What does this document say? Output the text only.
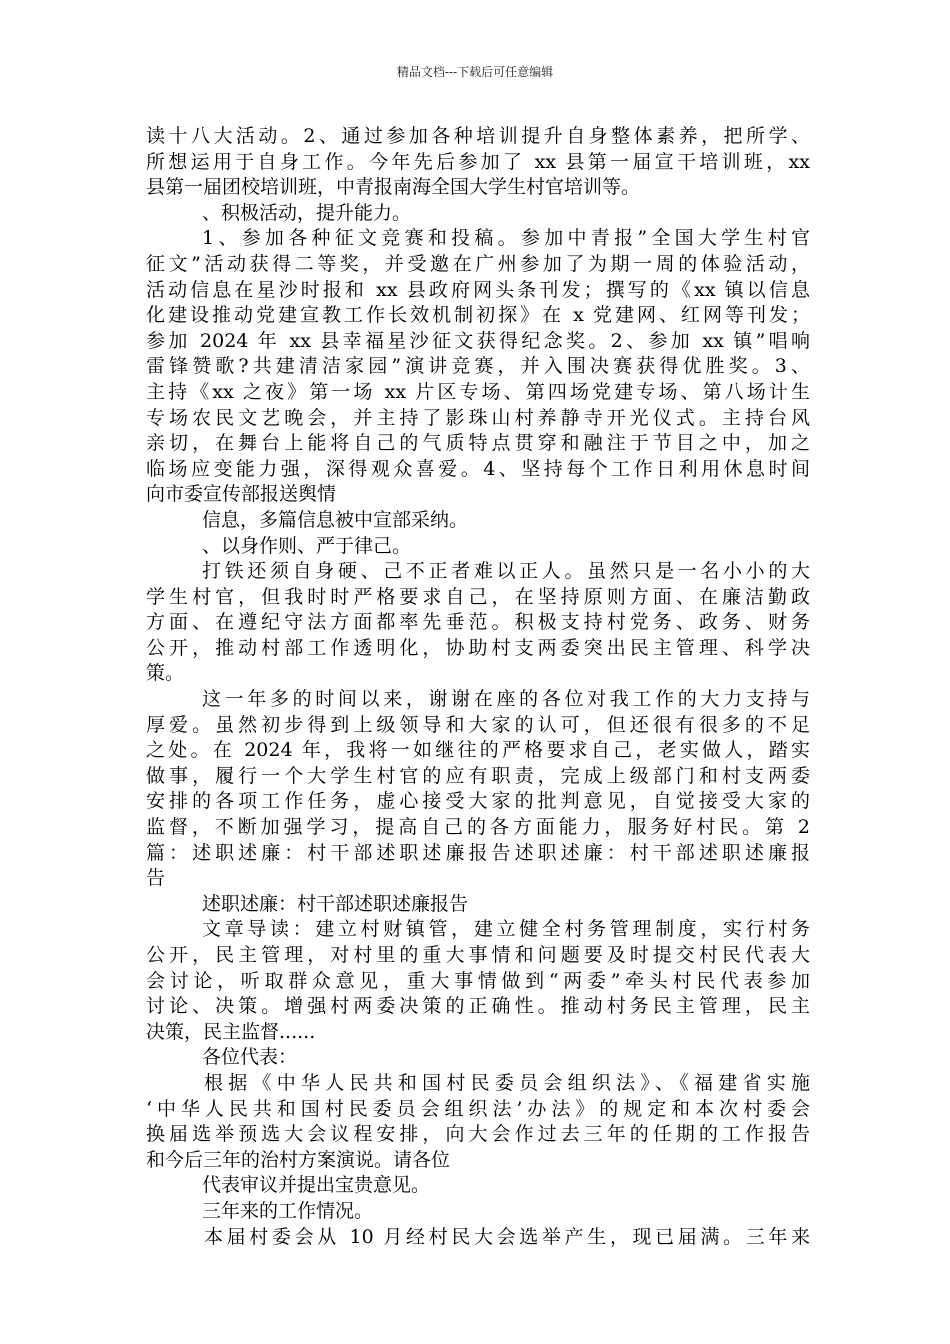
精品文档---下载后可任意编辑
读十八大活动。2、通过参加各种培训提升自身整体素养，把所学、
所想运用于自身工作。今年先后参加了 xx 县第一届宣干培训班，xx
县第一届团校培训班，中青报南海全国大学生村官培训等。
、积极活动，提升能力。
1、参加各种征文竞赛和投稿。参加中青报”全国大学生村官
征文”活动获得二等奖，并受邀在广州参加了为期一周的体验活动，
活动信息在星沙时报和 xx 县政府网头条刊发；撰写的《xx 镇以信息
化建设推动党建宣教工作长效机制初探》在 x 党建网、红网等刊发；
参加 2024 年 xx 县幸福星沙征文获得纪念奖。2、参加 xx 镇”唱响
雷锋赞歌?共建清洁家园”演讲竞赛，并入围决赛获得优胜奖。3、
主持《xx 之夜》第一场 xx 片区专场、第四场党建专场、第八场计生
专场农民文艺晚会，并主持了影珠山村养静寺开光仪式。主持台风
亲切，在舞台上能将自己的气质特点贯穿和融注于节目之中，加之
临场应变能力强，深得观众喜爱。4、坚持每个工作日利用休息时间
向市委宣传部报送舆情
信息，多篇信息被中宣部采纳。
、以身作则、严于律己。
打铁还须自身硬、己不正者难以正人。虽然只是一名小小的大
学生村官，但我时时严格要求自己，在坚持原则方面、在廉洁勤政
方面、在遵纪守法方面都率先垂范。积极支持村党务、政务、财务
公开，推动村部工作透明化，协助村支两委突出民主管理、科学决
策。
这一年多的时间以来，谢谢在座的各位对我工作的大力支持与
厚爱。虽然初步得到上级领导和大家的认可，但还很有很多的不足
之处。在 2024 年，我将一如继往的严格要求自己，老实做人，踏实
做事，履行一个大学生村官的应有职责，完成上级部门和村支两委
安排的各项工作任务，虚心接受大家的批判意见，自觉接受大家的
监督，不断加强学习，提高自己的各方面能力，服务好村民。第 2
篇：述职述廉：村干部述职述廉报告述职述廉：村干部述职述廉报
告
述职述廉：村干部述职述廉报告
文章导读：建立村财镇管，建立健全村务管理制度，实行村务
公开，民主管理，对村里的重大事情和问题要及时提交村民代表大
会讨论，听取群众意见，重大事情做到“两委”牵头村民代表参加
讨论、决策。增强村两委决策的正确性。推动村务民主管理，民主
决策，民主监督......
各位代表：
根据《中华人民共和国村民委员会组织法》、《福建省实施
‘中华人民共和国村民委员会组织法’办法》的规定和本次村委会
换届选举预选大会议程安排，向大会作过去三年的任期的工作报告
和今后三年的治村方案演说。请各位
代表审议并提出宝贵意见。
三年来的工作情况。
本届村委会从 10 月经村民大会选举产生，现已届满。三年来
